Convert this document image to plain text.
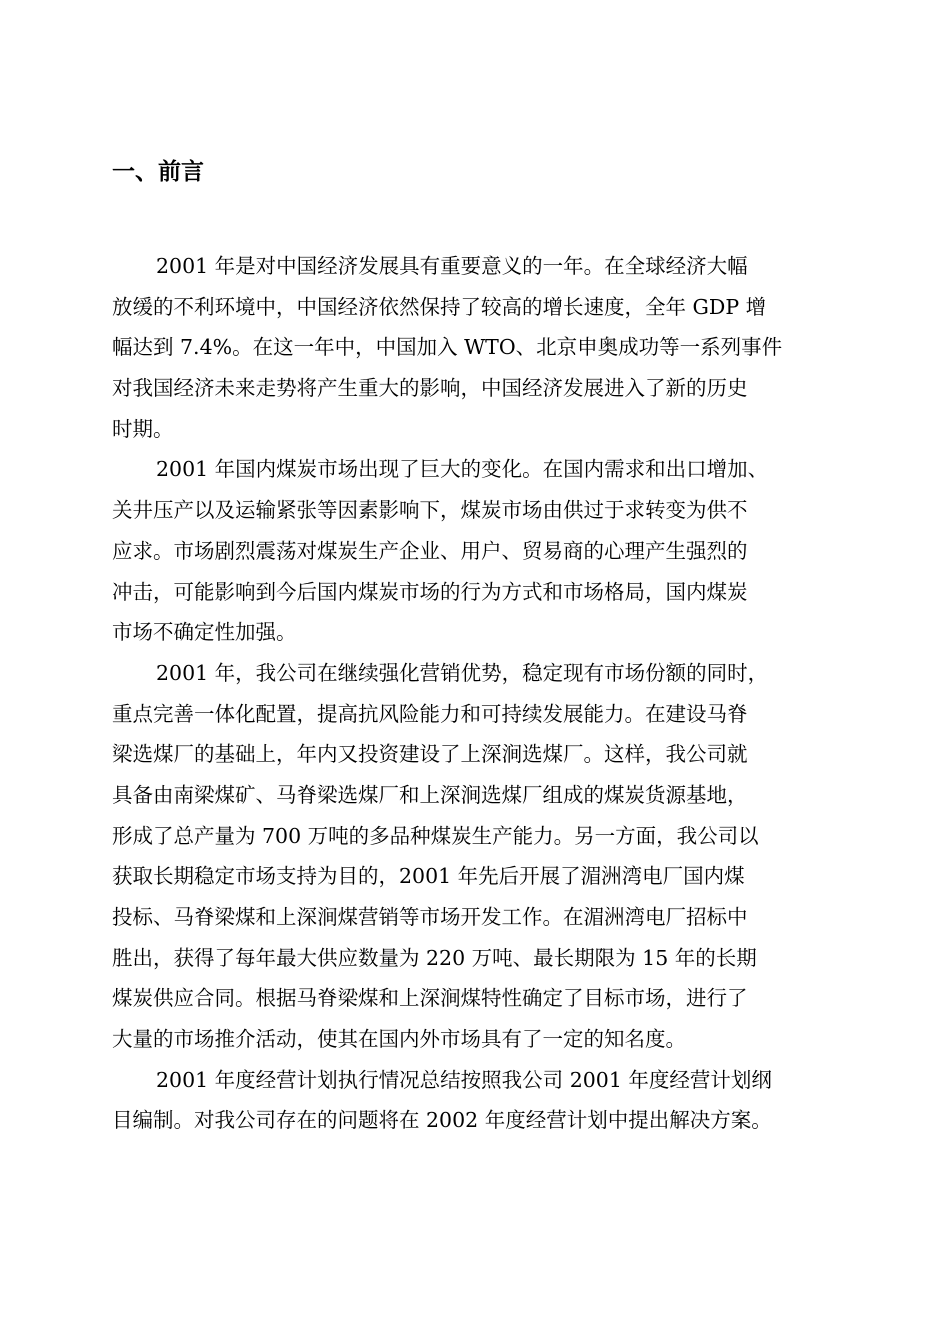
一、前言
2001 年是对中国经济发展具有重要意义的一年。在全球经济大幅
放缓的不利环境中，中国经济依然保持了较高的增长速度，全年 GDP 增
幅达到 7.4%。在这一年中，中国加入 WTO、北京申奥成功等一系列事件
对我国经济未来走势将产生重大的影响，中国经济发展进入了新的历史
时期。
2001 年国内煤炭市场出现了巨大的变化。在国内需求和出口增加、
关井压产以及运输紧张等因素影响下，煤炭市场由供过于求转变为供不
应求。市场剧烈震荡对煤炭生产企业、用户、贸易商的心理产生强烈的
冲击，可能影响到今后国内煤炭市场的行为方式和市场格局，国内煤炭
市场不确定性加强。
2001 年，我公司在继续强化营销优势，稳定现有市场份额的同时，
重点完善一体化配置，提高抗风险能力和可持续发展能力。在建设马脊
梁选煤厂的基础上，年内又投资建设了上深涧选煤厂。这样，我公司就
具备由南梁煤矿、马脊梁选煤厂和上深涧选煤厂组成的煤炭货源基地，
形成了总产量为 700 万吨的多品种煤炭生产能力。另一方面，我公司以
获取长期稳定市场支持为目的，2001 年先后开展了湄洲湾电厂国内煤
投标、马脊梁煤和上深涧煤营销等市场开发工作。在湄洲湾电厂招标中
胜出，获得了每年最大供应数量为 220 万吨、最长期限为 15 年的长期
煤炭供应合同。根据马脊梁煤和上深涧煤特性确定了目标市场，进行了
大量的市场推介活动，使其在国内外市场具有了一定的知名度。
2001 年度经营计划执行情况总结按照我公司 2001 年度经营计划纲
目编制。对我公司存在的问题将在 2002 年度经营计划中提出解决方案。
